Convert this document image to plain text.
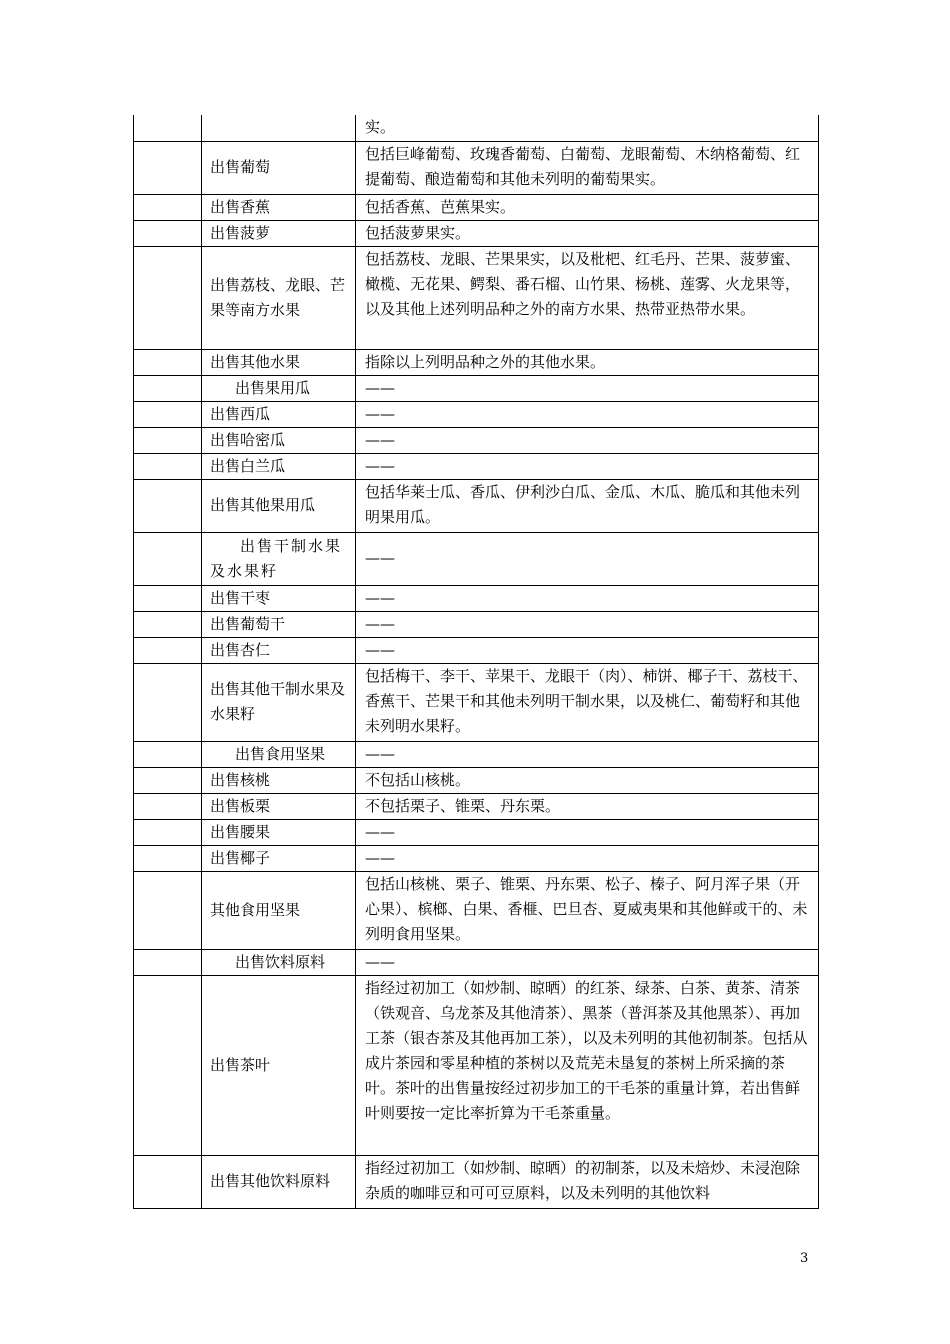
		实。
	出售葡萄	包括巨峰葡萄、玫瑰香葡萄、白葡萄、龙眼葡萄、木纳格葡萄、红提葡萄、酿造葡萄和其他未列明的葡萄果实。
	出售香蕉	包括香蕉、芭蕉果实。
	出售菠萝	包括菠萝果实。
	出售荔枝、龙眼、芒果等南方水果	包括荔枝、龙眼、芒果果实，以及枇杷、红毛丹、芒果、菠萝蜜、橄榄、无花果、鳄梨、番石榴、山竹果、杨桃、莲雾、火龙果等，以及其他上述列明品种之外的南方水果、热带亚热带水果。
	出售其他水果	指除以上列明品种之外的其他水果。
	出售果用瓜	——
	出售西瓜	——
	出售哈密瓜	——
	出售白兰瓜	——
	出售其他果用瓜	包括华莱士瓜、香瓜、伊利沙白瓜、金瓜、木瓜、脆瓜和其他未列明果用瓜。
	出售干制水果及水果籽	——
	出售干枣	——
	出售葡萄干	——
	出售杏仁	——
	出售其他干制水果及水果籽	包括梅干、李干、苹果干、龙眼干（肉）、柿饼、椰子干、荔枝干、香蕉干、芒果干和其他未列明干制水果，以及桃仁、葡萄籽和其他未列明水果籽。
	出售食用坚果	——
	出售核桃	不包括山核桃。
	出售板栗	不包括栗子、锥栗、丹东栗。
	出售腰果	——
	出售椰子	——
	其他食用坚果	包括山核桃、栗子、锥栗、丹东栗、松子、榛子、阿月浑子果（开心果）、槟榔、白果、香榧、巴旦杏、夏威夷果和其他鲜或干的、未列明食用坚果。
	出售饮料原料	——
	出售茶叶	指经过初加工（如炒制、晾晒）的红茶、绿茶、白茶、黄茶、清茶（铁观音、乌龙茶及其他清茶）、黑茶（普洱茶及其他黑茶）、再加工茶（银杏茶及其他再加工茶），以及未列明的其他初制茶。包括从成片茶园和零星种植的茶树以及荒芜未垦复的茶树上所采摘的茶叶。茶叶的出售量按经过初步加工的干毛茶的重量计算，若出售鲜叶则要按一定比率折算为干毛茶重量。
	出售其他饮料原料	指经过初加工（如炒制、晾晒）的初制茶，以及未焙炒、未浸泡除杂质的咖啡豆和可可豆原料，以及未列明的其他饮料
3
